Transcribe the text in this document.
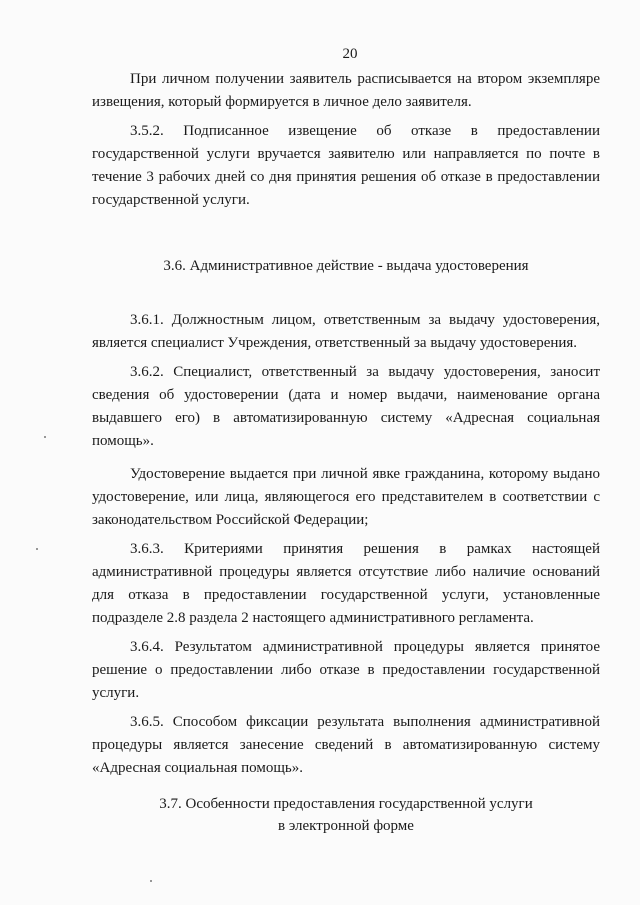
20

При личном получении заявитель расписывается на втором экземпляре извещения, который формируется в личное дело заявителя.

3.5.2. Подписанное извещение об отказе в предоставлении государственной услуги вручается заявителю или направляется по почте в течение 3 рабочих дней со дня принятия решения об отказе в предоставлении государственной услуги.

3.6. Административное действие - выдача удостоверения

3.6.1. Должностным лицом, ответственным за выдачу удостоверения, является специалист Учреждения, ответственный за выдачу удостоверения.

3.6.2. Специалист, ответственный за выдачу удостоверения, заносит сведения об удостоверении (дата и номер выдачи, наименование органа выдавшего его) в автоматизированную систему «Адресная социальная помощь».

Удостоверение выдается при личной явке гражданина, которому выдано удостоверение, или лица, являющегося его представителем в соответствии с законодательством Российской Федерации;

3.6.3. Критериями принятия решения в рамках настоящей административной процедуры является отсутствие либо наличие оснований для отказа в предоставлении государственной услуги, установленные подразделе 2.8 раздела 2 настоящего административного регламента.

3.6.4. Результатом административной процедуры является принятое решение о предоставлении либо отказе в предоставлении государственной услуги.

3.6.5. Способом фиксации результата выполнения административной процедуры является занесение сведений в автоматизированную систему «Адресная социальная помощь».

3.7. Особенности предоставления государственной услуги
в электронной форме
